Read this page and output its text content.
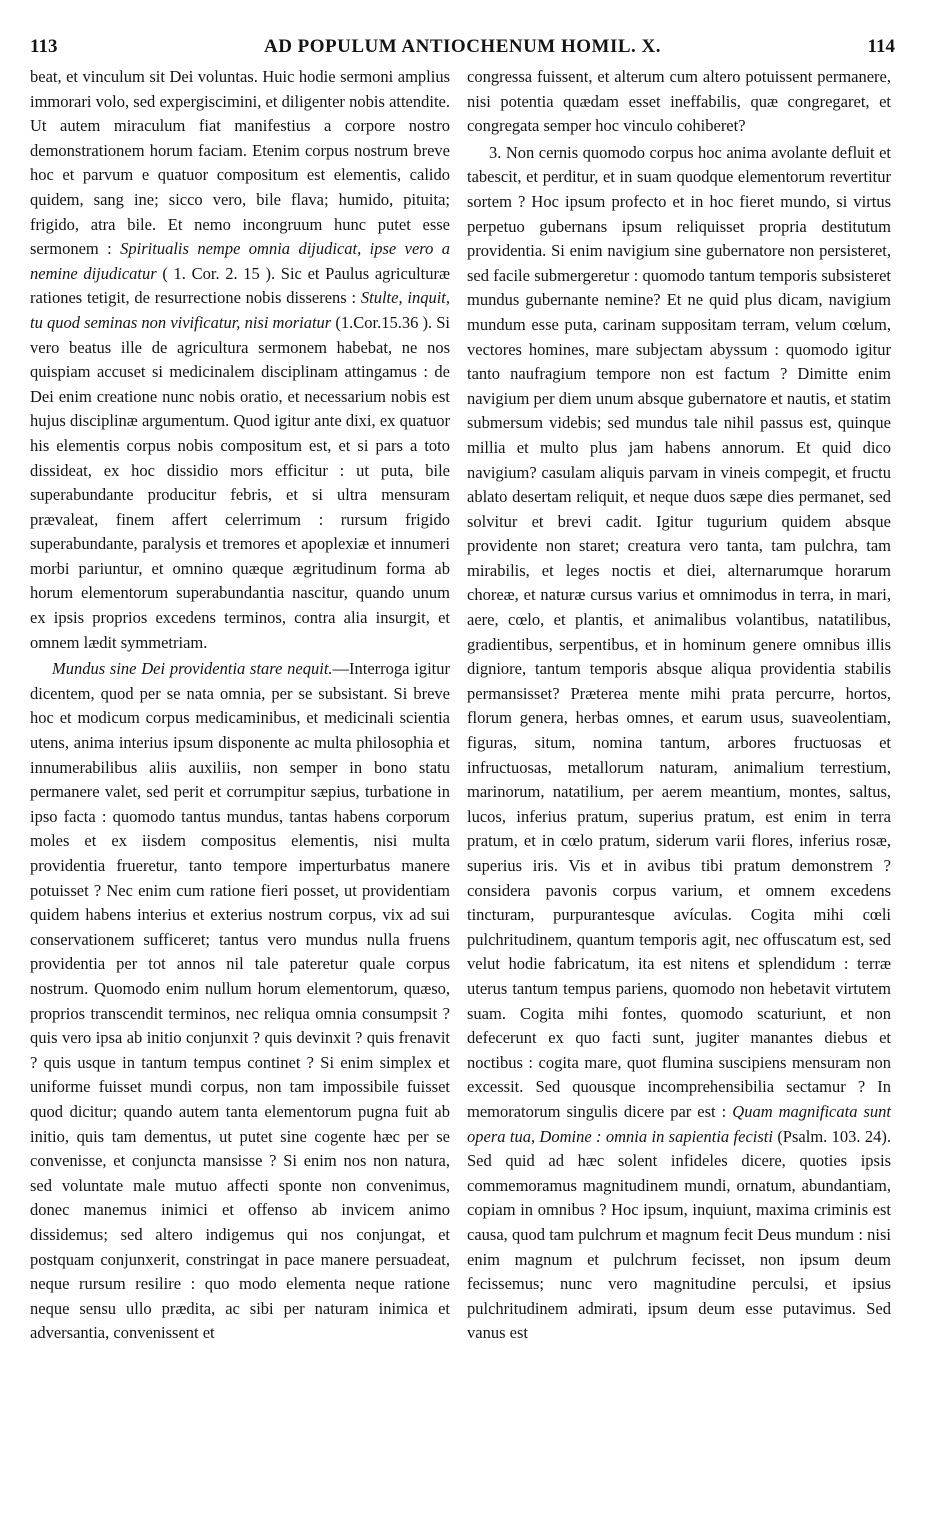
113	AD POPULUM ANTIOCHENUM HOMIL. X.	114

beat, et vinculum sit Dei voluntas. Huic hodie sermoni amplius immorari volo, sed expergiscimini, et diligenter nobis attendite. Ut autem miraculum fiat manifestius a corpore nostro demonstrationem horum faciam. Etenim corpus nostrum breve hoc et parvum e quatuor compositum est elementis, calido quidem, sang ine; sicco vero, bile flava; humido, pituita; frigido, atra bile. Et nemo incongruum hunc putet esse sermonem : Spiritualis nempe omnia dijudicat, ipse vero a nemine dijudicatur ( 1. Cor. 2. 15 ). Sic et Paulus agriculturæ rationes tetigit, de resurrectione nobis disserens : Stulte, inquit, tu quod seminas non vivificatur, nisi moriatur (1.Cor.15.36 ). Si vero beatus ille de agricultura sermonem habebat, ne nos quispiam accuset si medicinalem disciplinam attingamus : de Dei enim creatione nunc nobis oratio, et necessarium nobis est hujus disciplinæ argumentum. Quod igitur ante dixi, ex quatuor his elementis corpus nobis compositum est, et si pars a toto dissideat, ex hoc dissidio mors efficitur : ut puta, bile superabundante producitur febris, et si ultra mensuram prævaleat, finem affert celerrimum : rursum frigido superabundante, paralysis et tremores et apoplexiæ et innumeri morbi pariuntur, et omnino quæque ægritudinum forma ab horum elementorum superabundantia nascitur, quando unum ex ipsis proprios excedens terminos, contra alia insurgit, et omnem lædit symmetriam.

Mundus sine Dei providentia stare nequit.—Interroga igitur dicentem, quod per se nata omnia, per se subsistant. Si breve hoc et modicum corpus medicaminibus, et medicinali scientia utens, anima interius ipsum disponente ac multa philosophia et innumerabilibus aliis auxiliis, non semper in bono statu permanere valet, sed perit et corrumpitur sæpius, turbatione in ipso facta : quomodo tantus mundus, tantas habens corporum moles et ex iisdem compositus elementis, nisi multa providentia frueretur, tanto tempore imperturbatus manere potuisset ? Nec enim cum ratione fieri posset, ut providentiam quidem habens interius et exterius nostrum corpus, vix ad sui conservationem sufficeret; tantus vero mundus nulla fruens providentia per tot annos nil tale pateretur quale corpus nostrum. Quomodo enim nullum horum elementorum, quæso, proprios transcendit terminos, nec reliqua omnia consumpsit ? quis vero ipsa ab initio conjunxit ? quis devinxit ? quis frenavit ? quis usque in tantum tempus continet ? Si enim simplex et uniforme fuisset mundi corpus, non tam impossibile fuisset quod dicitur; quando autem tanta elementorum pugna fuit ab initio, quis tam dementus, ut putet sine cogente hæc per se convenisse, et conjuncta mansisse ? Si enim nos non natura, sed voluntate male mutuo affecti sponte non convenimus, donec manemus inimici et offenso ab invicem animo dissidemus; sed altero indigemus qui nos conjungat, et postquam conjunxerit, constringat in pace manere persuadeat, neque rursum resilire : quo modo elementa neque ratione neque sensu ullo prædita, ac sibi per naturam inimica et adversantia, convenissent et

congressa fuissent, et alterum cum altero potuissent permanere, nisi potentia quædam esset ineffabilis, quæ congregaret, et congregata semper hoc vinculo cohiberet?

3. Non cernis quomodo corpus hoc anima avolante defluit et tabescit, et perditur, et in suam quodque elementorum revertitur sortem ? Hoc ipsum profecto et in hoc fieret mundo, si virtus perpetuo gubernans ipsum reliquisset propria destitutum providentia. Si enim navigium sine gubernatore non persisteret, sed facile submergeretur : quomodo tantum temporis subsisteret mundus gubernante nemine? Et ne quid plus dicam, navigium mundum esse puta, carinam suppositam terram, velum cœlum, vectores homines, mare subjectam abyssum : quomodo igitur tanto naufragium tempore non est factum ? Dimitte enim navigium per diem unum absque gubernatore et nautis, et statim submersum videbis; sed mundus tale nihil passus est, quinque millia et multo plus jam habens annorum. Et quid dico navigium? casulam aliquis parvam in vineis compegit, et fructu ablato desertam reliquit, et neque duos sæpe dies permanet, sed solvitur et brevi cadit. Igitur tugurium quidem absque providente non staret; creatura vero tanta, tam pulchra, tam mirabilis, et leges noctis et diei, alternarumque horarum choreæ, et naturæ cursus varius et omnimodus in terra, in mari, aere, cœlo, et plantis, et animalibus volantibus, natatilibus, gradientibus, serpentibus, et in hominum genere omnibus illis digniore, tantum temporis absque aliqua providentia stabilis permansisset? Præterea mente mihi prata percurre, hortos, florum genera, herbas omnes, et earum usus, suaveolentiam, figuras, situm, nomina tantum, arbores fructuosas et infructuosas, metallorum naturam, animalium terrestium, marinorum, natatilium, per aerem meantium, montes, saltus, lucos, inferius pratum, superius pratum, est enim in terra pratum, et in cœlo pratum, siderum varii flores, inferius rosæ, superius iris. Vis et in avibus tibi pratum demonstrem ? considera pavonis corpus varium, et omnem excedens tincturam, purpurantesque avículas. Cogita mihi cœli pulchritudinem, quantum temporis agit, nec offuscatum est, sed velut hodie fabricatum, ita est nitens et splendidum : terræ uterus tantum tempus pariens, quomodo non hebetavit virtutem suam. Cogita mihi fontes, quomodo scaturiunt, et non defecerunt ex quo facti sunt, jugiter manantes diebus et noctibus : cogita mare, quot flumina suscipiens mensuram non excessit. Sed quousque incomprehensibilia sectamur ? In memoratorum singulis dicere par est : Quam magnificata sunt opera tua, Domine : omnia in sapientia fecisti (Psalm. 103. 24). Sed quid ad hæc solent infideles dicere, quoties ipsis commemoramus magnitudinem mundi, ornatum, abundantiam, copiam in omnibus ? Hoc ipsum, inquiunt, maxima criminis est causa, quod tam pulchrum et magnum fecit Deus mundum : nisi enim magnum et pulchrum fecisset, non ipsum deum fecissemus; nunc vero magnitudine perculsi, et ipsius pulchritudinem admirati, ipsum deum esse putavimus. Sed vanus est
